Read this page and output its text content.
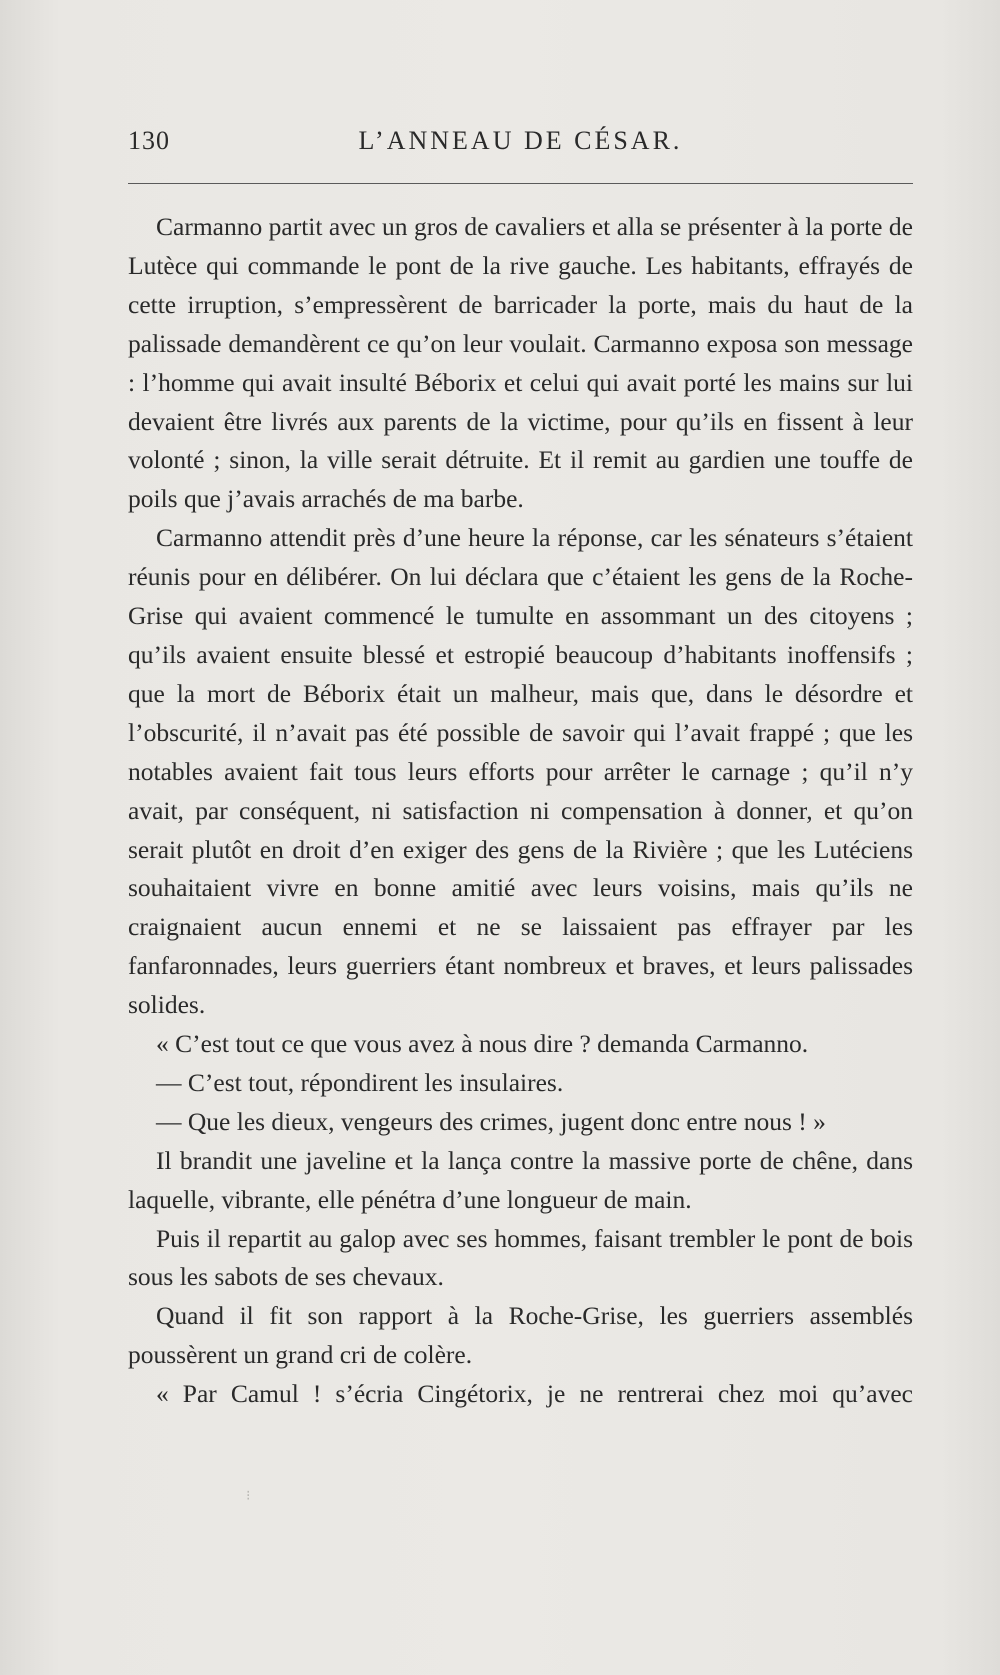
130	L’ANNEAU DE CÉSAR.

Carmanno partit avec un gros de cavaliers et alla se présenter à la porte de Lutèce qui commande le pont de la rive gauche. Les habitants, effrayés de cette irruption, s’empressèrent de barricader la porte, mais du haut de la palissade demandèrent ce qu’on leur voulait. Carmanno exposa son message : l’homme qui avait insulté Béborix et celui qui avait porté les mains sur lui devaient être livrés aux parents de la victime, pour qu’ils en fissent à leur volonté ; sinon, la ville serait détruite. Et il remit au gardien une touffe de poils que j’avais arrachés de ma barbe.

Carmanno attendit près d’une heure la réponse, car les sénateurs s’étaient réunis pour en délibérer. On lui déclara que c’étaient les gens de la Roche-Grise qui avaient commencé le tumulte en assommant un des citoyens ; qu’ils avaient ensuite blessé et estropié beaucoup d’habitants inoffensifs ; que la mort de Béborix était un malheur, mais que, dans le désordre et l’obscurité, il n’avait pas été possible de savoir qui l’avait frappé ; que les notables avaient fait tous leurs efforts pour arrêter le carnage ; qu’il n’y avait, par conséquent, ni satisfaction ni compensation à donner, et qu’on serait plutôt en droit d’en exiger des gens de la Rivière ; que les Lutéciens souhaitaient vivre en bonne amitié avec leurs voisins, mais qu’ils ne craignaient aucun ennemi et ne se laissaient pas effrayer par les fanfaronnades, leurs guerriers étant nombreux et braves, et leurs palissades solides.

« C’est tout ce que vous avez à nous dire ? demanda Carmanno.

— C’est tout, répondirent les insulaires.

— Que les dieux, vengeurs des crimes, jugent donc entre nous ! »

Il brandit une javeline et la lança contre la massive porte de chêne, dans laquelle, vibrante, elle pénétra d’une longueur de main.

Puis il repartit au galop avec ses hommes, faisant trembler le pont de bois sous les sabots de ses chevaux.

Quand il fit son rapport à la Roche-Grise, les guerriers assemblés poussèrent un grand cri de colère.

« Par Camul ! s’écria Cingétorix, je ne rentrerai chez moi qu’avec

⁝
